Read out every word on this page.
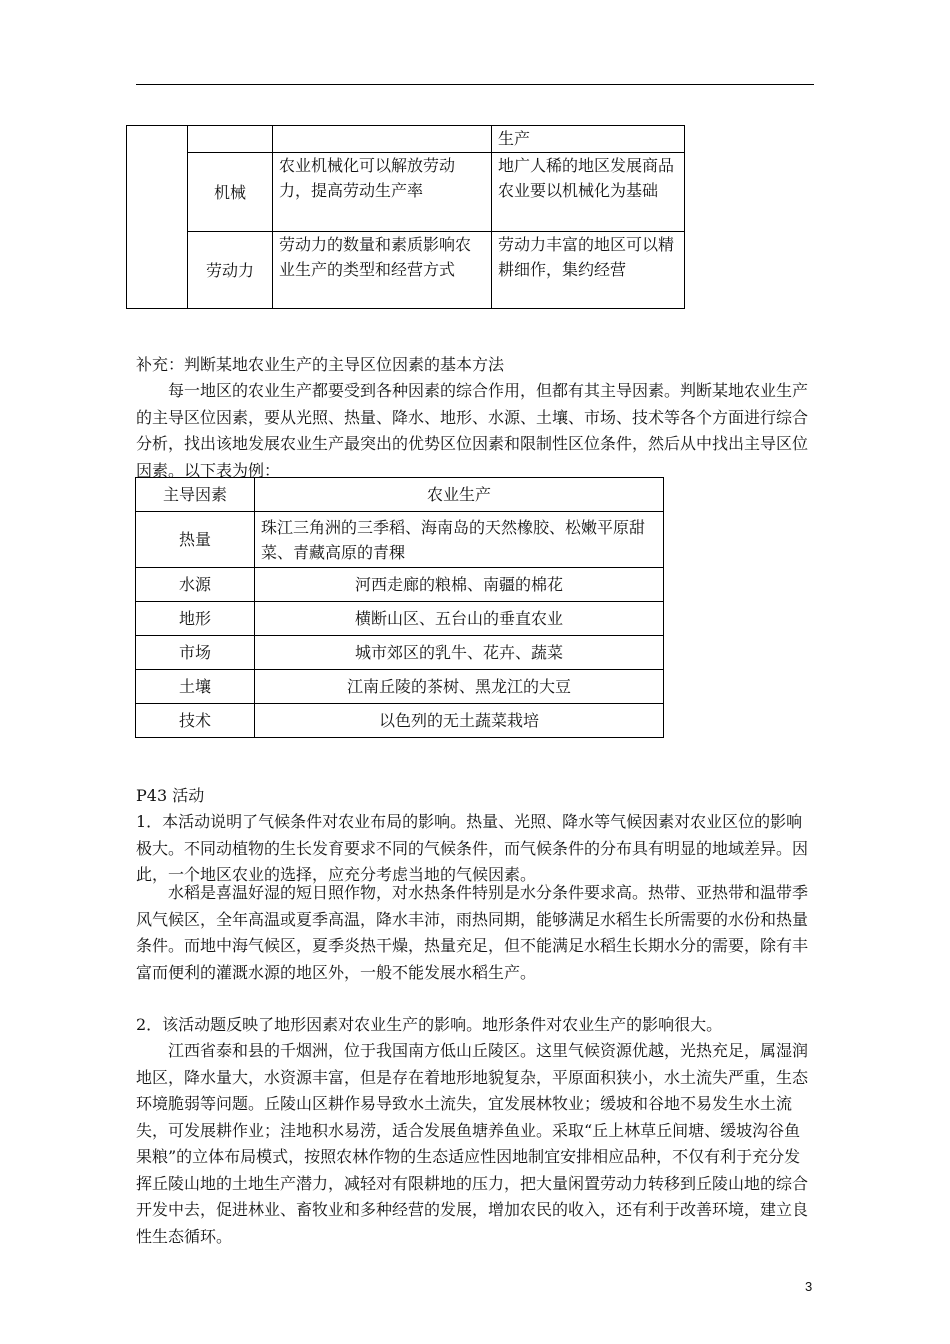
			生产
	机械	农业机械化可以解放劳动力，提高劳动生产率	地广人稀的地区发展商品农业要以机械化为基础
	劳动力	劳动力的数量和素质影响农业生产的类型和经营方式	劳动力丰富的地区可以精耕细作，集约经营

补充：判断某地农业生产的主导区位因素的基本方法

每一地区的农业生产都要受到各种因素的综合作用，但都有其主导因素。判断某地农业生产的主导区位因素，要从光照、热量、降水、地形、水源、土壤、市场、技术等各个方面进行综合分析，找出该地发展农业生产最突出的优势区位因素和限制性区位条件，然后从中找出主导区位因素。以下表为例：

主导因素	农业生产
热量	珠江三角洲的三季稻、海南岛的天然橡胶、松嫩平原甜菜、青藏高原的青稞
水源	河西走廊的粮棉、南疆的棉花
地形	横断山区、五台山的垂直农业
市场	城市郊区的乳牛、花卉、蔬菜
土壤	江南丘陵的茶树、黑龙江的大豆
技术	以色列的无土蔬菜栽培

P43 活动

1．本活动说明了气候条件对农业布局的影响。热量、光照、降水等气候因素对农业区位的影响极大。不同动植物的生长发育要求不同的气候条件，而气候条件的分布具有明显的地域差异。因此，一个地区农业的选择，应充分考虑当地的气候因素。

水稻是喜温好湿的短日照作物，对水热条件特别是水分条件要求高。热带、亚热带和温带季风气候区，全年高温或夏季高温，降水丰沛，雨热同期，能够满足水稻生长所需要的水份和热量条件。而地中海气候区，夏季炎热干燥，热量充足，但不能满足水稻生长期水分的需要，除有丰富而便利的灌溉水源的地区外，一般不能发展水稻生产。

2．该活动题反映了地形因素对农业生产的影响。地形条件对农业生产的影响很大。

江西省泰和县的千烟洲，位于我国南方低山丘陵区。这里气候资源优越，光热充足，属湿润地区，降水量大，水资源丰富，但是存在着地形地貌复杂，平原面积狭小，水土流失严重，生态环境脆弱等问题。丘陵山区耕作易导致水土流失，宜发展林牧业；缓坡和谷地不易发生水土流失，可发展耕作业；洼地积水易涝，适合发展鱼塘养鱼业。采取“丘上林草丘间塘、缓坡沟谷鱼果粮”的立体布局模式，按照农林作物的生态适应性因地制宜安排相应品种，不仅有利于充分发挥丘陵山地的土地生产潜力，减轻对有限耕地的压力，把大量闲置劳动力转移到丘陵山地的综合开发中去，促进林业、畜牧业和多种经营的发展，增加农民的收入，还有利于改善环境，建立良性生态循环。

3
